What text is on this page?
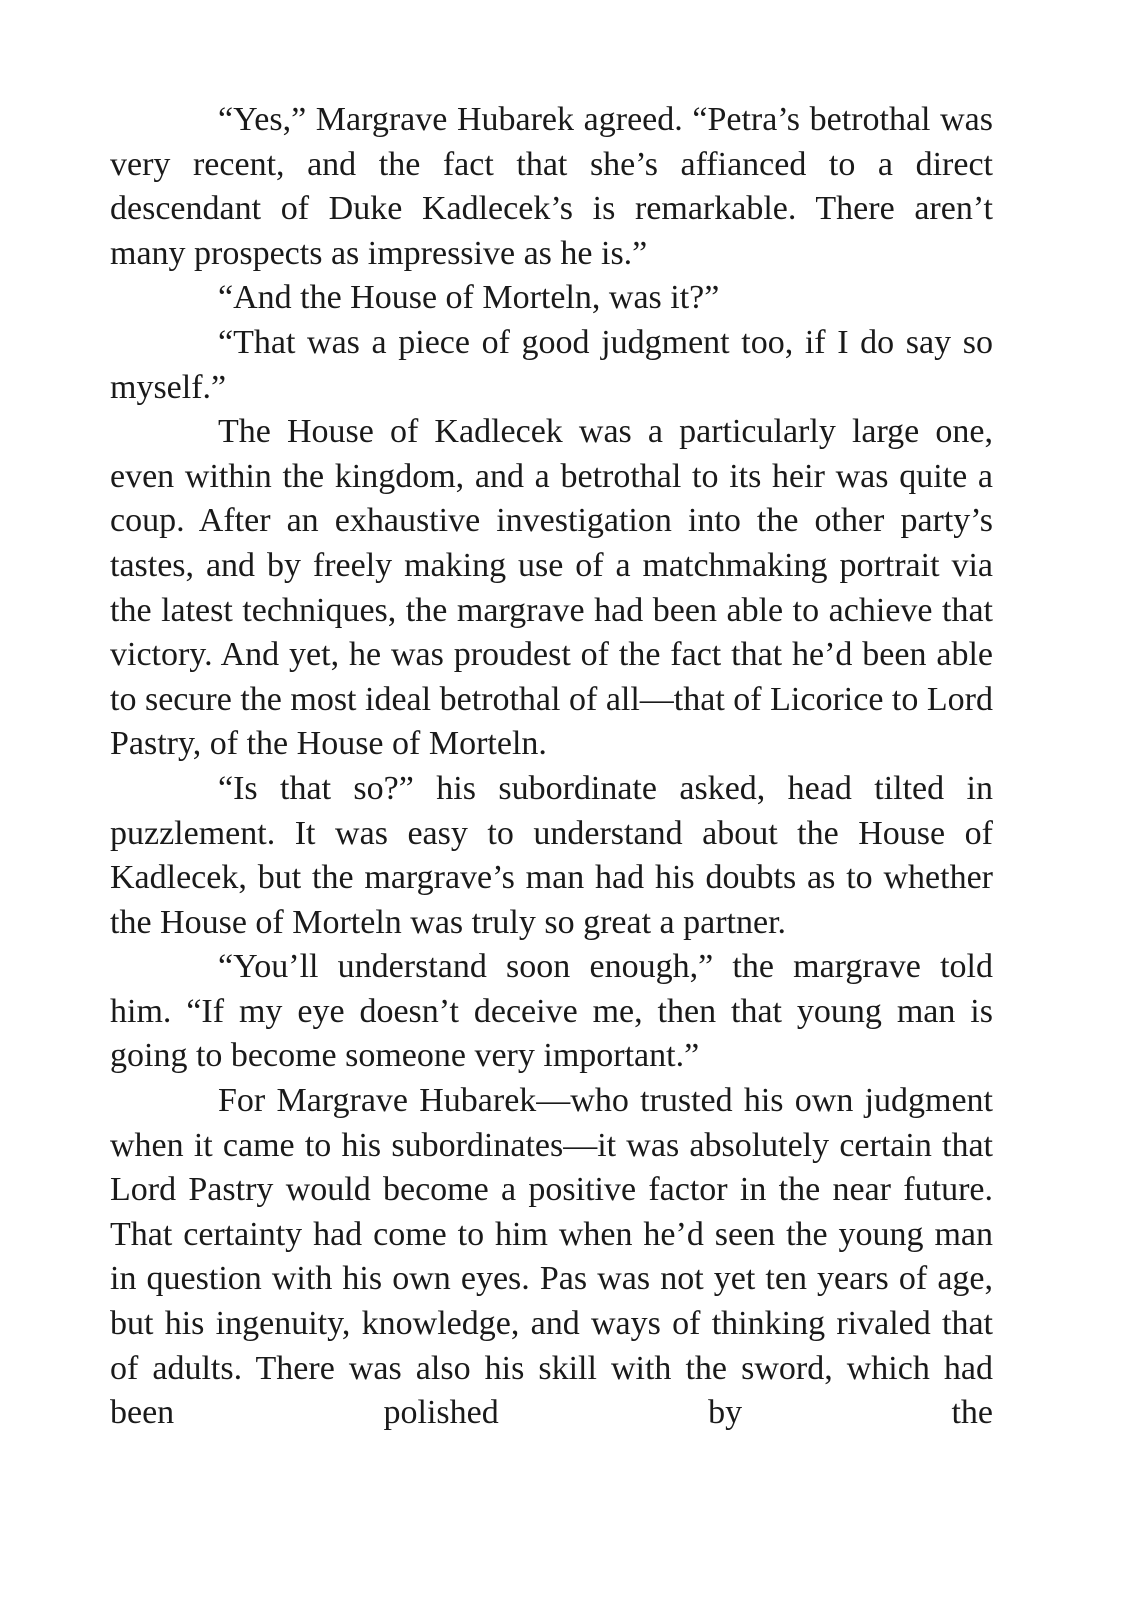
“Yes,” Margrave Hubarek agreed. “Petra’s betrothal was very recent, and the fact that she’s affianced to a direct descendant of Duke Kadlecek’s is remarkable. There aren’t many prospects as impressive as he is.”

“And the House of Morteln, was it?”

“That was a piece of good judgment too, if I do say so myself.”

The House of Kadlecek was a particularly large one, even within the kingdom, and a betrothal to its heir was quite a coup. After an exhaustive investigation into the other party’s tastes, and by freely making use of a matchmaking portrait via the latest techniques, the margrave had been able to achieve that victory. And yet, he was proudest of the fact that he’d been able to secure the most ideal betrothal of all—that of Licorice to Lord Pastry, of the House of Morteln.

“Is that so?” his subordinate asked, head tilted in puzzlement. It was easy to understand about the House of Kadlecek, but the margrave’s man had his doubts as to whether the House of Morteln was truly so great a partner.

“You’ll understand soon enough,” the margrave told him. “If my eye doesn’t deceive me, then that young man is going to become someone very important.”

For Margrave Hubarek—who trusted his own judgment when it came to his subordinates—it was absolutely certain that Lord Pastry would become a positive factor in the near future. That certainty had come to him when he’d seen the young man in question with his own eyes. Pas was not yet ten years of age, but his ingenuity, knowledge, and ways of thinking rivaled that of adults. There was also his skill with the sword, which had been polished by the
